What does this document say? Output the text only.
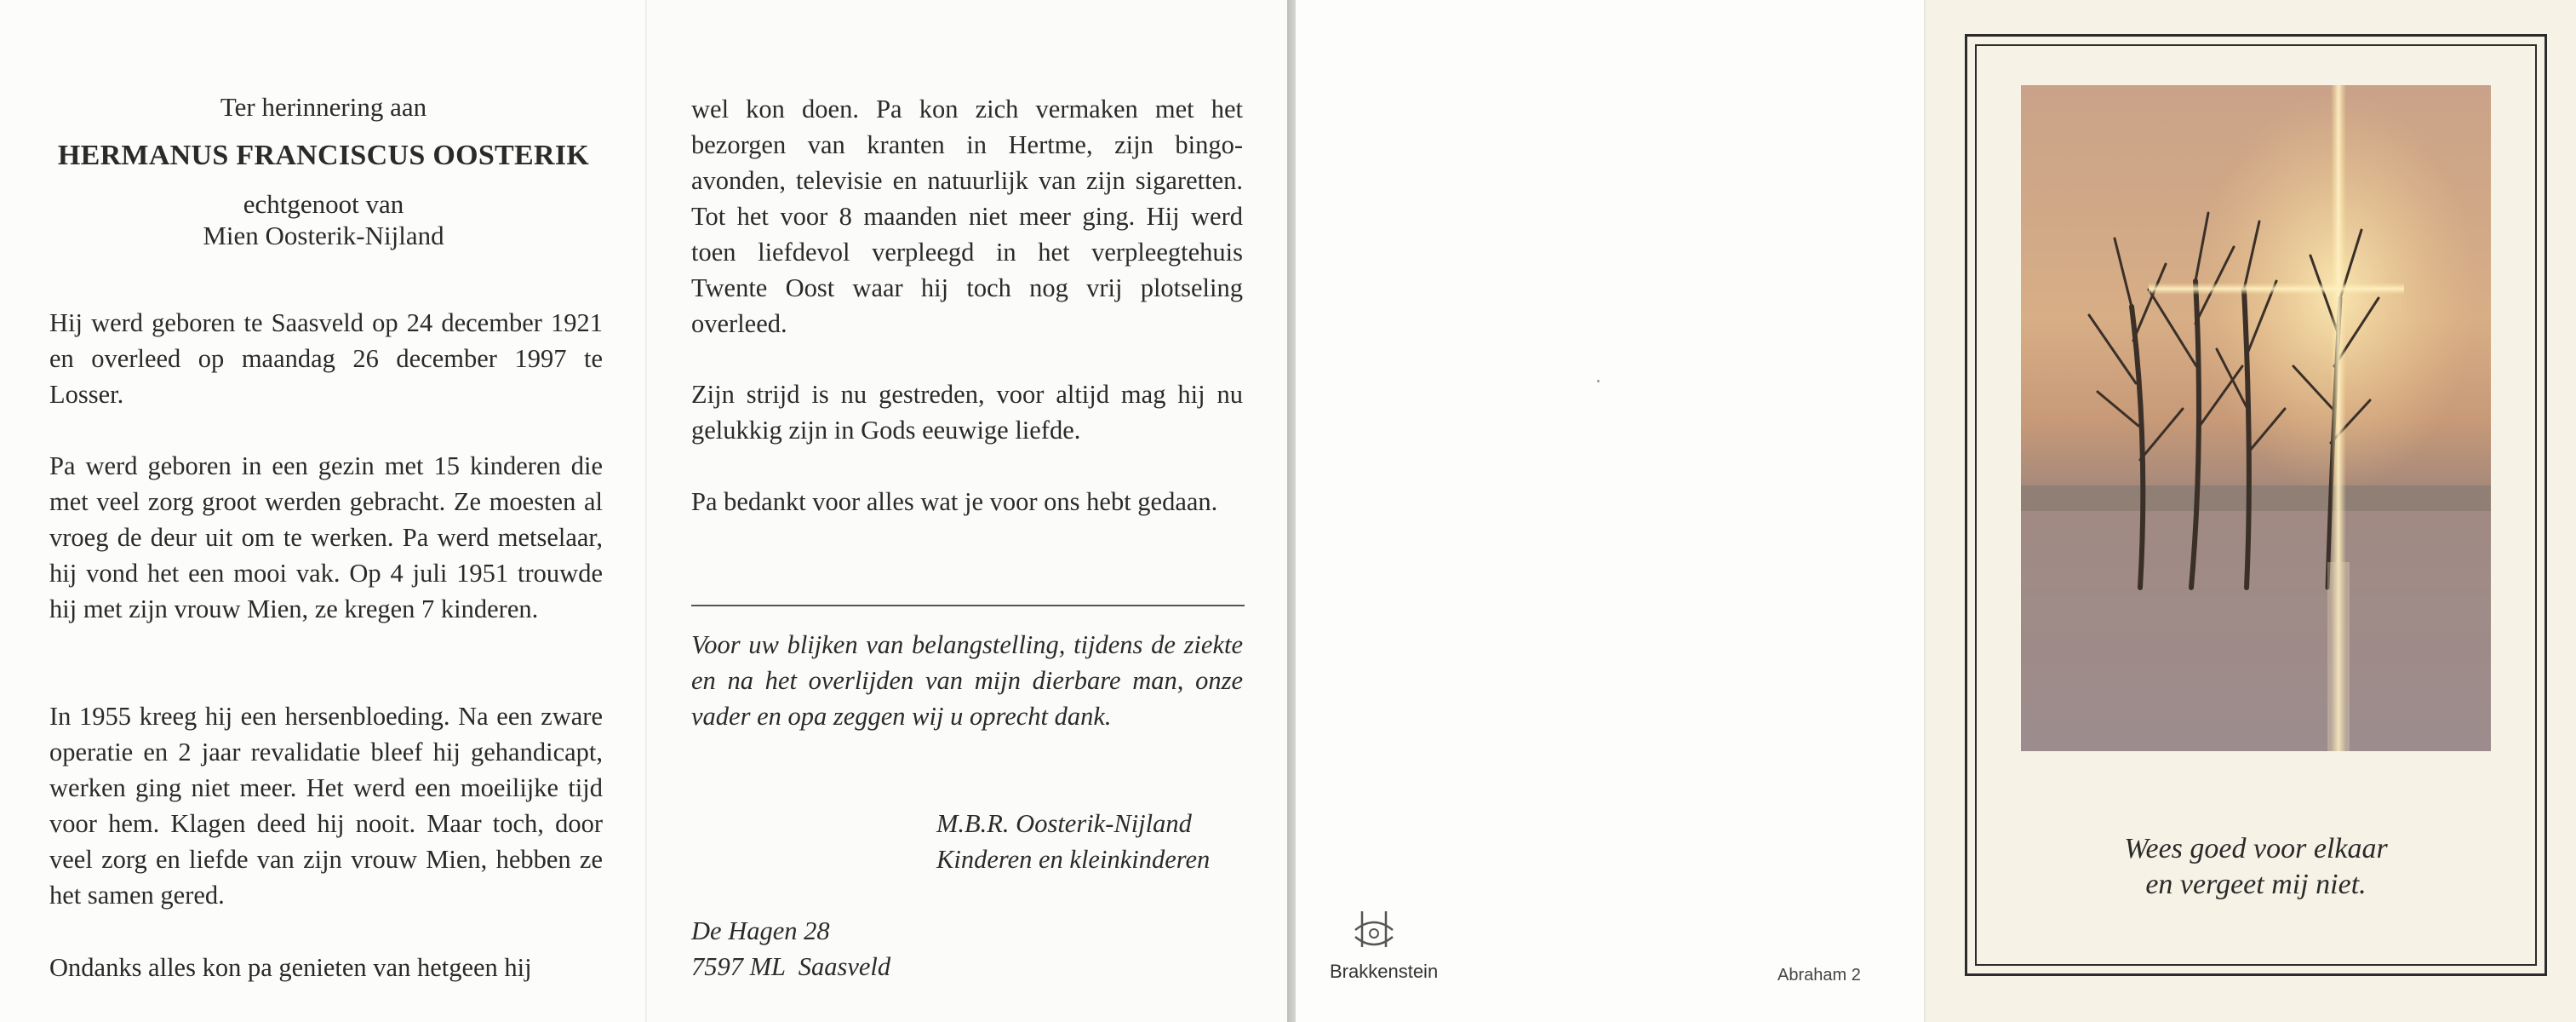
Ter herinnering aan
HERMANUS FRANCISCUS OOSTERIK
echtgenoot van
Mien Oosterik-Nijland

Hij werd geboren te Saasveld op 24 december 1921 en overleed op maandag 26 december 1997 te Losser.

Pa werd geboren in een gezin met 15 kinderen die met veel zorg groot werden gebracht. Ze moesten al vroeg de deur uit om te werken. Pa werd metselaar, hij vond het een mooi vak. Op 4 juli 1951 trouwde hij met zijn vrouw Mien, ze kregen 7 kinderen.

In 1955 kreeg hij een hersenbloeding. Na een zware operatie en 2 jaar revalidatie bleef hij gehandicapt, werken ging niet meer. Het werd een moeilijke tijd voor hem. Klagen deed hij nooit. Maar toch, door veel zorg en liefde van zijn vrouw Mien, hebben ze het samen gered.

Ondanks alles kon pa genieten van hetgeen hij

wel kon doen. Pa kon zich vermaken met het bezorgen van kranten in Hertme, zijn bingo-avonden, televisie en natuurlijk van zijn sigaretten. Tot het voor 8 maanden niet meer ging. Hij werd toen liefdevol verpleegd in het verpleegtehuis Twente Oost waar hij toch nog vrij plotseling overleed.

Zijn strijd is nu gestreden, voor altijd mag hij nu gelukkig zijn in Gods eeuwige liefde.

Pa bedankt voor alles wat je voor ons hebt gedaan.

Voor uw blijken van belangstelling, tijdens de ziekte en na het overlijden van mijn dierbare man, onze vader en opa zeggen wij u oprecht dank.

M.B.R. Oosterik-Nijland
Kinderen en kleinkinderen
De Hagen 28
7597 ML  Saasveld	Brakkenstein	Abraham 2
Wees goed voor elkaar
en vergeet mij niet.
